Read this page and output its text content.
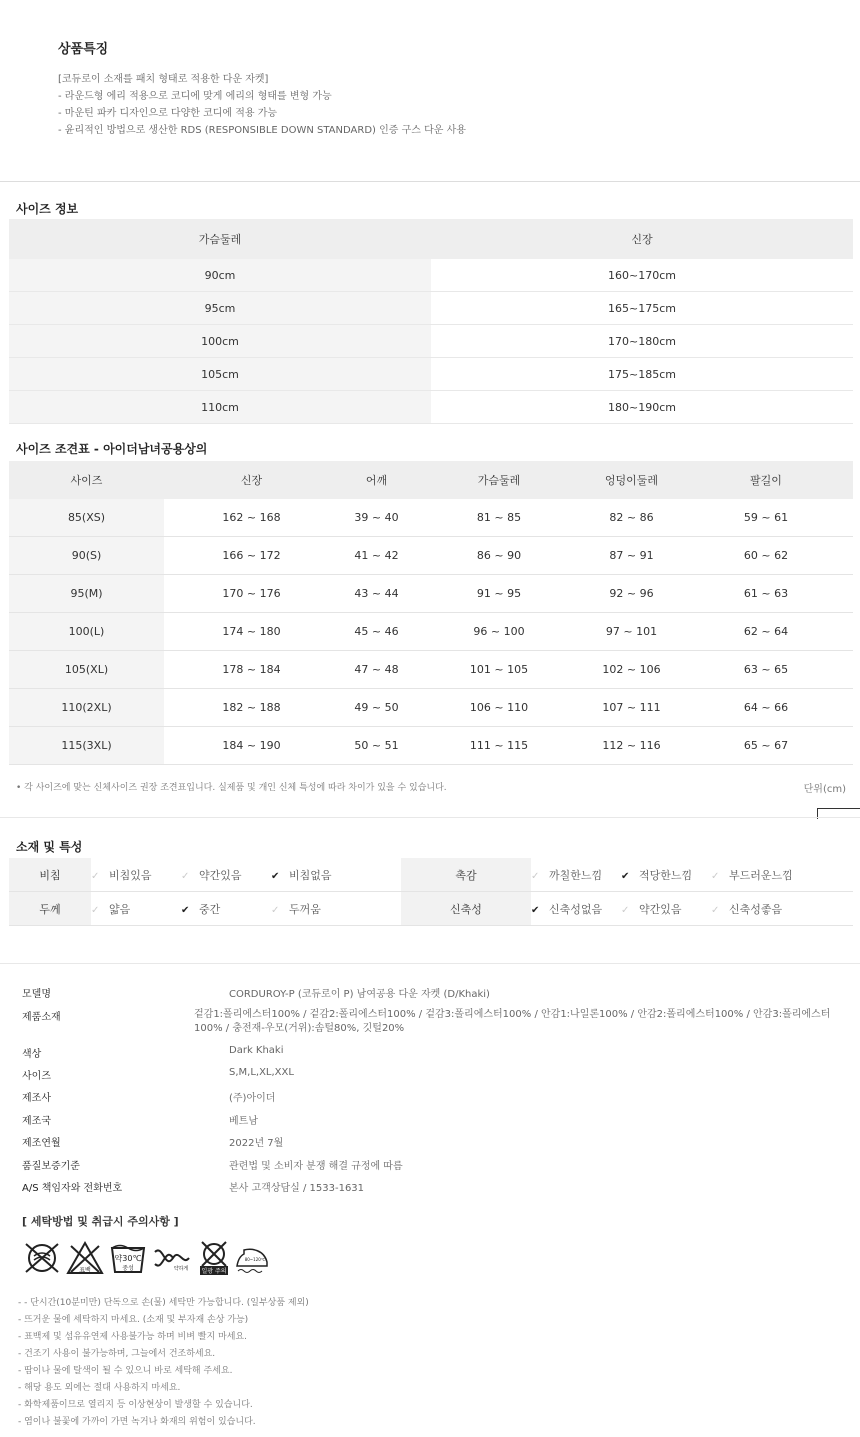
상품특징
[코듀로이 소재를 패치 형태로 적용한 다운 자켓]
- 라운드형 에리 적용으로 코디에 맞게 에리의 형태를 변형 가능
- 마운틴 파카 디자인으로 다양한 코디에 적용 가능
- 윤리적인 방법으로 생산한 RDS (RESPONSIBLE DOWN STANDARD) 인증 구스 다운 사용
사이즈 정보
가슴둘레	신장
90cm	160~170cm
95cm	165~175cm
100cm	170~180cm
105cm	175~185cm
110cm	180~190cm
사이즈 조견표 - 아이더남녀공용상의
사이즈	신장	어깨	가슴둘레	엉덩이둘레	팔길이
85(XS)	162 ~ 168	39 ~ 40	81 ~ 85	82 ~ 86	59 ~ 61
90(S)	166 ~ 172	41 ~ 42	86 ~ 90	87 ~ 91	60 ~ 62
95(M)	170 ~ 176	43 ~ 44	91 ~ 95	92 ~ 96	61 ~ 63
100(L)	174 ~ 180	45 ~ 46	96 ~ 100	97 ~ 101	62 ~ 64
105(XL)	178 ~ 184	47 ~ 48	101 ~ 105	102 ~ 106	63 ~ 65
110(2XL)	182 ~ 188	49 ~ 50	106 ~ 110	107 ~ 111	64 ~ 66
115(3XL)	184 ~ 190	50 ~ 51	111 ~ 115	112 ~ 116	65 ~ 67
• 각 사이즈에 맞는 신체사이즈 권장 조견표입니다. 실제품 및 개인 신체 특성에 따라 차이가 있을 수 있습니다.	단위(cm)
소재 및 특성
비침	✓ 비침있음	✓ 약간있음	✔ 비침없음	촉감	✓ 까칠한느낌	✔ 적당한느낌	✓ 부드러운느낌
두께	✓ 얇음	✔ 중간	✓ 두꺼움	신축성	✔ 신축성없음	✓ 약간있음	✓ 신축성좋음
모델명	CORDUROY-P (코듀로이 P) 남여공용 다운 자켓 (D/Khaki)
제품소재	겉감1:폴리에스터100% / 겉감2:폴리에스터100% / 겉감3:폴리에스터100% / 안감1:나일론100% / 안감2:폴리에스터100% / 안감3:폴리에스터100% / 충전재-우모(거위):솜털80%, 깃털20%
색상	Dark Khaki
사이즈	S,M,L,XL,XXL
제조사	(주)아이더
제조국	베트남
제조연월	2022년 7월
품질보증기준	관련법 및 소비자 분쟁 해결 규정에 따름
A/S 책임자와 전화번호	본사 고객상담실 / 1533-1631
[ 세탁방법 및 취급시 주의사항 ]
표백
약30℃
중성	약하게 일광 주의
80~120℃
- - 단시간(10분미만) 단독으로 손(물) 세탁만 가능합니다. (일부상품 제외)
- 뜨거운 물에 세탁하지 마세요. (소재 및 부자재 손상 가능)
- 표백제 및 섬유유연제 사용불가능 하며 비벼 빨지 마세요.
- 건조기 사용이 불가능하며, 그늘에서 건조하세요.
- 땀이나 물에 탈색이 될 수 있으니 바로 세탁해 주세요.
- 해당 용도 외에는 절대 사용하지 마세요.
- 화학제품이므로 열리지 등 이상현상이 발생할 수 있습니다.
- 염이나 불꽃에 가까이 가면 녹거나 화재의 위험이 있습니다.
